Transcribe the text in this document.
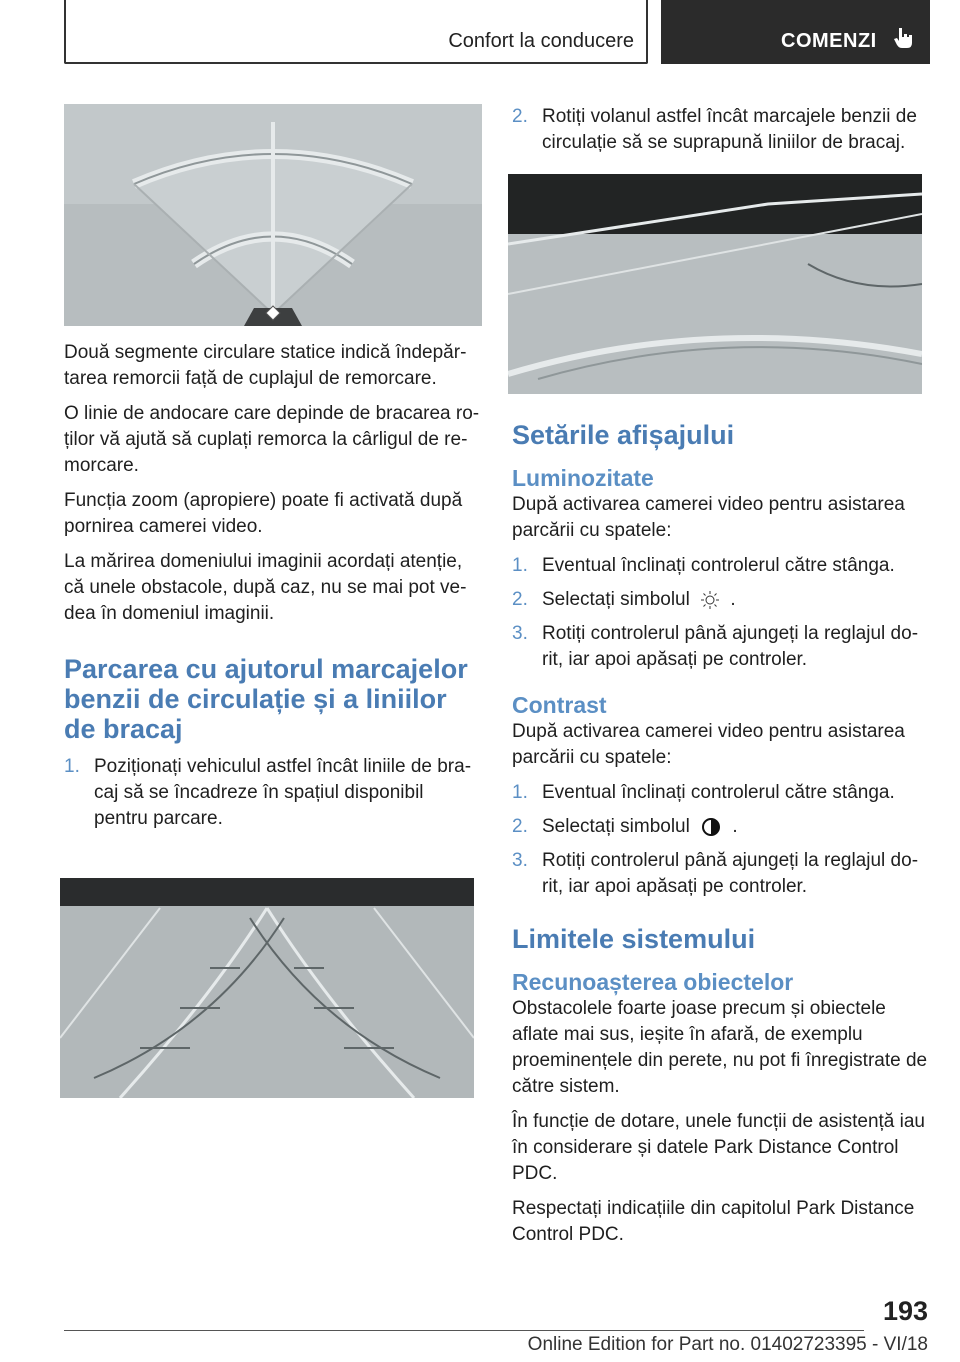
Confort la conducere	COMENZI

Două segmente circulare statice indică îndepărtarea remorcii față de cuplajul de remorcare.

O linie de andocare care depinde de bracarea roților vă ajută să cuplați remorca la cârligul de remorcare.

Funcția zoom (apropiere) poate fi activată după pornirea camerei video.

La mărirea domeniului imaginii acordați atenție, că unele obstacole, după caz, nu se mai pot vedea în domeniul imaginii.

Parcarea cu ajutorul marcajelor benzii de circulație și a liniilor de bracaj
1. Poziționați vehiculul astfel încât liniile de bracaj să se încadreze în spațiul disponibil pentru parcare.
2. Rotiți volanul astfel încât marcajele benzii de circulație să se suprapună liniilor de bracaj.
Setările afișajului
Luminozitate

După activarea camerei video pentru asistarea parcării cu spatele:

1. Eventual înclinați controlerul către stânga.
2. Selectați simbolul .
3. Rotiți controlerul până ajungeți la reglajul dorit, iar apoi apăsați pe controler.
Contrast

După activarea camerei video pentru asistarea parcării cu spatele:

1. Eventual înclinați controlerul către stânga.
2. Selectați simbolul .
3. Rotiți controlerul până ajungeți la reglajul dorit, iar apoi apăsați pe controler.
Limitele sistemului
Recunoașterea obiectelor

Obstacolele foarte joase precum și obiectele aflate mai sus, ieșite în afară, de exemplu proeminențele din perete, nu pot fi înregistrate de către sistem.

În funcție de dotare, unele funcții de asistență iau în considerare și datele Park Distance Control PDC.

Respectați indicațiile din capitolul Park Distance Control PDC.

193
Online Edition for Part no. 01402723395 - VI/18
